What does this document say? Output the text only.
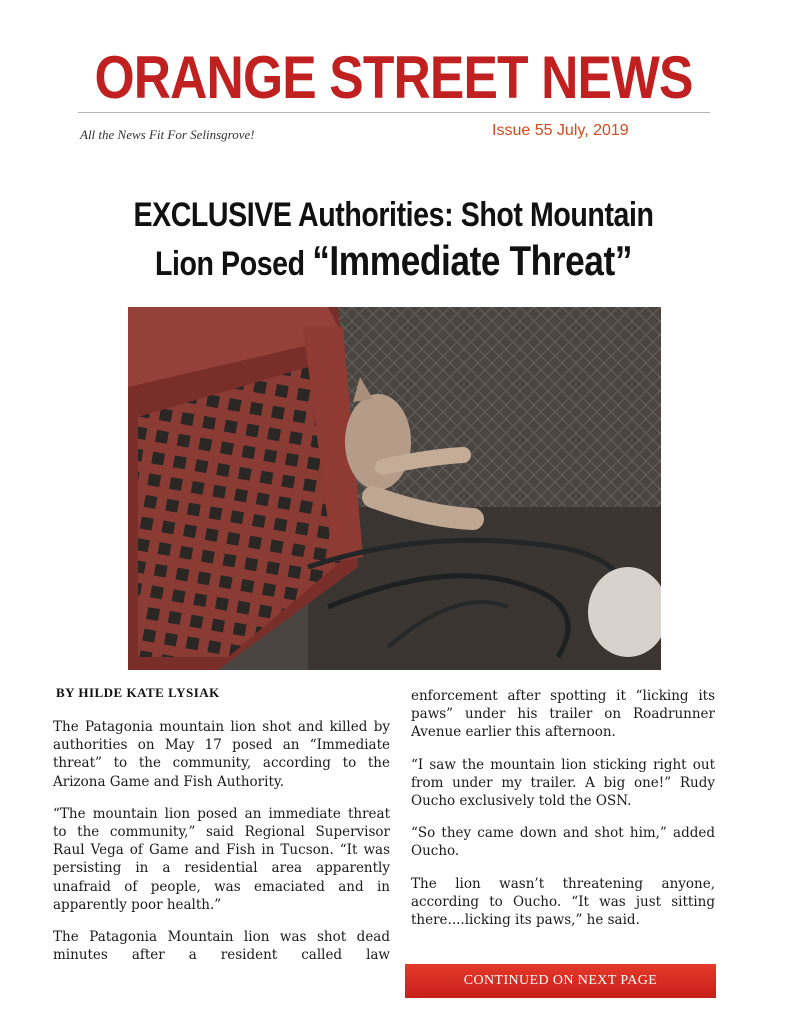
ORANGE STREET NEWS
All the News Fit For Selinsgrove!	Issue 55 July, 2019
EXCLUSIVE Authorities: Shot Mountain
Lion Posed “Immediate Threat”
BY HILDE KATE LYSIAK

The Patagonia mountain lion shot and killed by authorities on May 17 posed an “Immediate threat” to the community, according to the Arizona Game and Fish Authority.

“The mountain lion posed an immediate threat to the community,” said Regional Supervisor Raul Vega of Game and Fish in Tucson. “It was persisting in a residential area apparently unafraid of people, was emaciated and in apparently poor health.”

The Patagonia Mountain lion was shot dead minutes after a resident called law

enforcement after spotting it “licking its paws” under his trailer on Roadrunner Avenue earlier this afternoon.

“I saw the mountain lion sticking right out from under my trailer. A big one!” Rudy Oucho exclusively told the OSN.

“So they came down and shot him,” added Oucho.

The lion wasn’t threatening anyone, according to Oucho. “It was just sitting there....licking its paws,” he said.

CONTINUED ON NEXT PAGE
